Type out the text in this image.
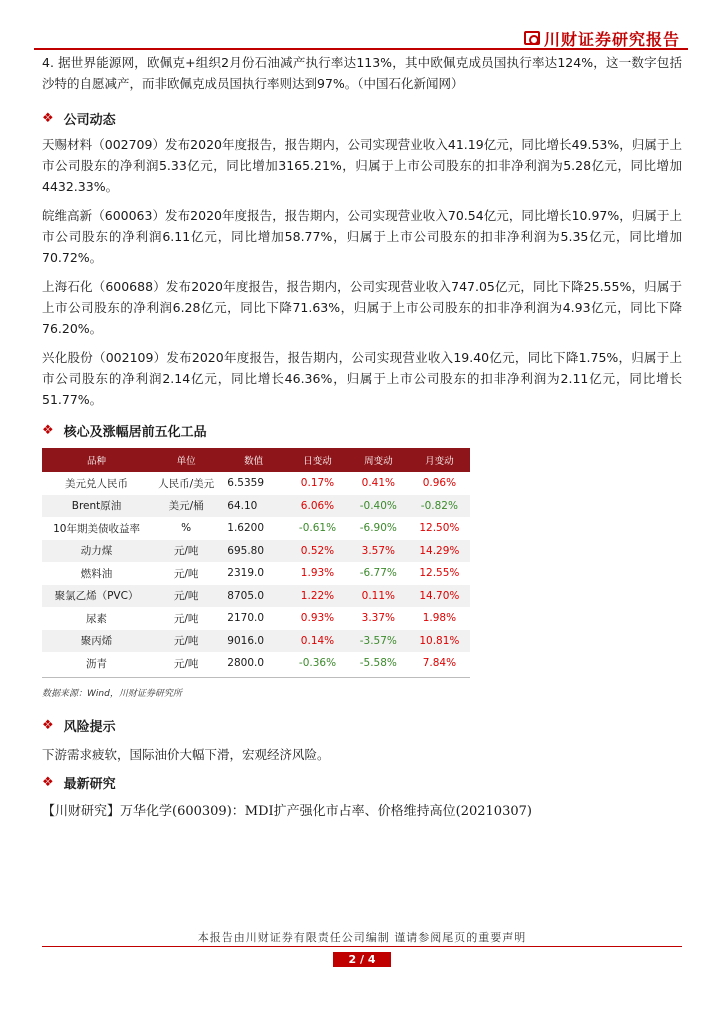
川财证券研究报告

4. 据世界能源网，欧佩克+组织2月份石油减产执行率达113%，其中欧佩克成员国执行率达124%，这一数字包括沙特的自愿减产，而非欧佩克成员国执行率则达到97%。（中国石化新闻网）

❖ 公司动态

天赐材料（002709）发布2020年度报告，报告期内，公司实现营业收入41.19亿元，同比增长49.53%，归属于上市公司股东的净利润5.33亿元，同比增加3165.21%，归属于上市公司股东的扣非净利润为5.28亿元，同比增加4432.33%。

皖维高新（600063）发布2020年度报告，报告期内，公司实现营业收入70.54亿元，同比增长10.97%，归属于上市公司股东的净利润6.11亿元，同比增加58.77%，归属于上市公司股东的扣非净利润为5.35亿元，同比增加70.72%。

上海石化（600688）发布2020年度报告，报告期内，公司实现营业收入747.05亿元，同比下降25.55%，归属于上市公司股东的净利润6.28亿元，同比下降71.63%，归属于上市公司股东的扣非净利润为4.93亿元，同比下降76.20%。

兴化股份（002109）发布2020年度报告，报告期内，公司实现营业收入19.40亿元，同比下降1.75%，归属于上市公司股东的净利润2.14亿元，同比增长46.36%，归属于上市公司股东的扣非净利润为2.11亿元，同比增长51.77%。

❖ 核心及涨幅居前五化工品
品种	单位	数值	日变动	周变动	月变动
美元兑人民币	人民币/美元	6.5359	0.17%	0.41%	0.96%
Brent原油	美元/桶	64.10	6.06%	-0.40%	-0.82%
10年期美债收益率	%	1.6200	-0.61%	-6.90%	12.50%
动力煤	元/吨	695.80	0.52%	3.57%	14.29%
燃料油	元/吨	2319.0	1.93%	-6.77%	12.55%
聚氯乙烯（PVC）	元/吨	8705.0	1.22%	0.11%	14.70%
尿素	元/吨	2170.0	0.93%	3.37%	1.98%
聚丙烯	元/吨	9016.0	0.14%	-3.57%	10.81%
沥青	元/吨	2800.0	-0.36%	-5.58%	7.84%
数据来源：Wind，川财证券研究所
❖ 风险提示

下游需求疲软，国际油价大幅下滑，宏观经济风险。

❖ 最新研究

【川财研究】万华化学(600309)：MDI扩产强化市占率、价格维持高位(20210307)

本报告由川财证券有限责任公司编制 谨请参阅尾页的重要声明
2 / 4
